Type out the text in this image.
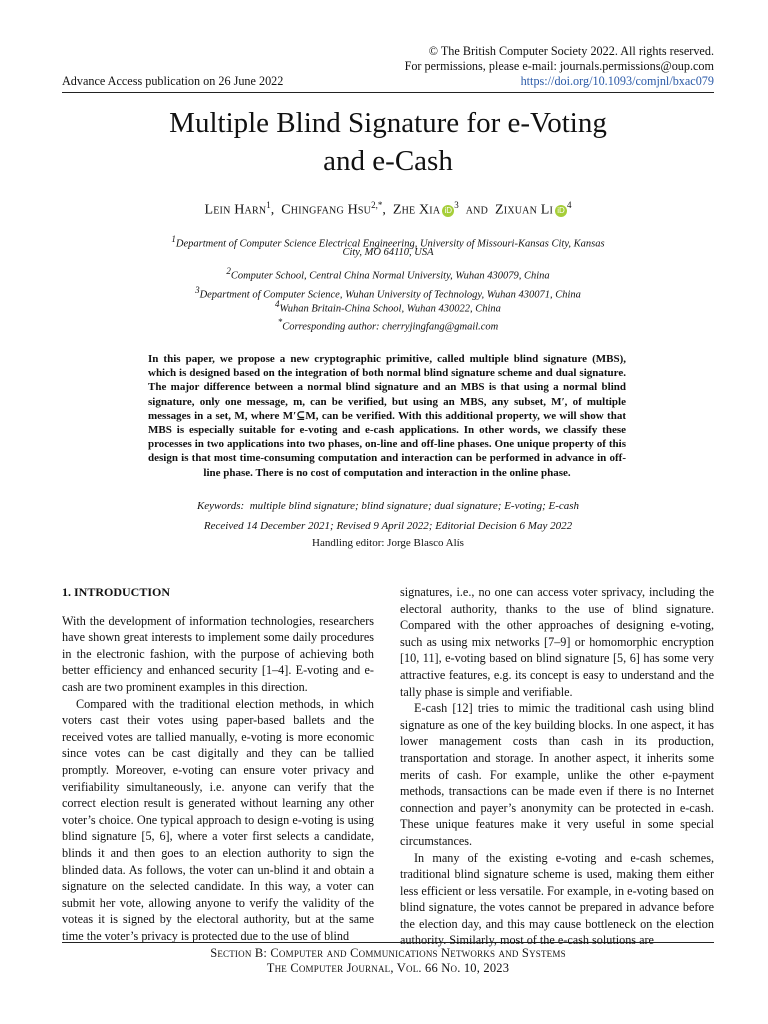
© The British Computer Society 2022. All rights reserved.
For permissions, please e-mail: journals.permissions@oup.com
https://doi.org/10.1093/comjnl/bxac079
Advance Access publication on 26 June 2022
Multiple Blind Signature for e-Voting
and e-Cash
Lein Harn$^1$, Chingfang Hsu$^{2,*}$, Zhe Xia $iD^3$ and Zixuan Li $iD^4$
$^1$Department of Computer Science Electrical Engineering, University of Missouri-Kansas City, Kansas
City, MO 64110, USA
$^2$Computer School, Central China Normal University, Wuhan 430079, China
$^3$Department of Computer Science, Wuhan University of Technology, Wuhan 430071, China
$^4$Wuhan Britain-China School, Wuhan 430022, China
*Corresponding author: cherryjingfang@gmail.com
In this paper, we propose a new cryptographic primitive, called multiple blind signature (MBS), which is designed based on the integration of both normal blind signature scheme and dual signature. The major difference between a normal blind signature and an MBS is that using a normal blind signature, only one message, m, can be verified, but using an MBS, any subset, M′, of multiple messages in a set, M, where M′⊆M, can be verified. With this additional property, we will show that MBS is especially suitable for e-voting and e-cash applications. In other words, we classify these processes in two applications into two phases, on-line and off-line phases. One unique property of this design is that most time-consuming computation and interaction can be performed in advance in off-line phase. There is no cost of computation and interaction in the online phase.
Keywords: multiple blind signature; blind signature; dual signature; E-voting; E-cash
Received 14 December 2021; Revised 9 April 2022; Editorial Decision 6 May 2022
Handling editor: Jorge Blasco Alís

1. INTRODUCTION

With the development of information technologies, researchers have shown great interests to implement some daily procedures in the electronic fashion, with the purpose of achieving both better efficiency and enhanced security [1–4]. E-voting and e-cash are two prominent examples in this direction.

Compared with the traditional election methods, in which voters cast their votes using paper-based ballets and the received votes are tallied manually, e-voting is more economic since votes can be cast digitally and they can be tallied promptly. Moreover, e-voting can ensure voter privacy and verifiability simultaneously, i.e. anyone can verify that the correct election result is generated without learning any other voter’s choice. One typical approach to design e-voting is using blind signature [5, 6], where a voter first selects a candidate, blinds it and then goes to an election authority to sign the blinded data. As follows, the voter can un-blind it and obtain a signature on the selected candidate. In this way, a voter can submit her vote, allowing anyone to verify the validity of the voteas it is signed by the electoral authority, but at the same time the voter’s privacy is protected due to the use of blind

signatures, i.e., no one can access voter sprivacy, including the electoral authority, thanks to the use of blind signature. Compared with the other approaches of designing e-voting, such as using mix networks [7–9] or homomorphic encryption [10, 11], e-voting based on blind signature [5, 6] has some very attractive features, e.g. its concept is easy to understand and the tally phase is simple and verifiable.

E-cash [12] tries to mimic the traditional cash using blind signature as one of the key building blocks. In one aspect, it has lower management costs than cash in its production, transportation and storage. In another aspect, it inherits some merits of cash. For example, unlike the other e-payment methods, transactions can be made even if there is no Internet connection and payer’s anonymity can be protected in e-cash. These unique features make it very useful in some special circumstances.

In many of the existing e-voting and e-cash schemes, traditional blind signature scheme is used, making them either less efficient or less versatile. For example, in e-voting based on blind signature, the votes cannot be prepared in advance before the election day, and this may cause bottleneck on the election authority. Similarly, most of the e-cash solutions are

Section B: Computer and Communications Networks and Systems
The Computer Journal, Vol. 66 No. 10, 2023
